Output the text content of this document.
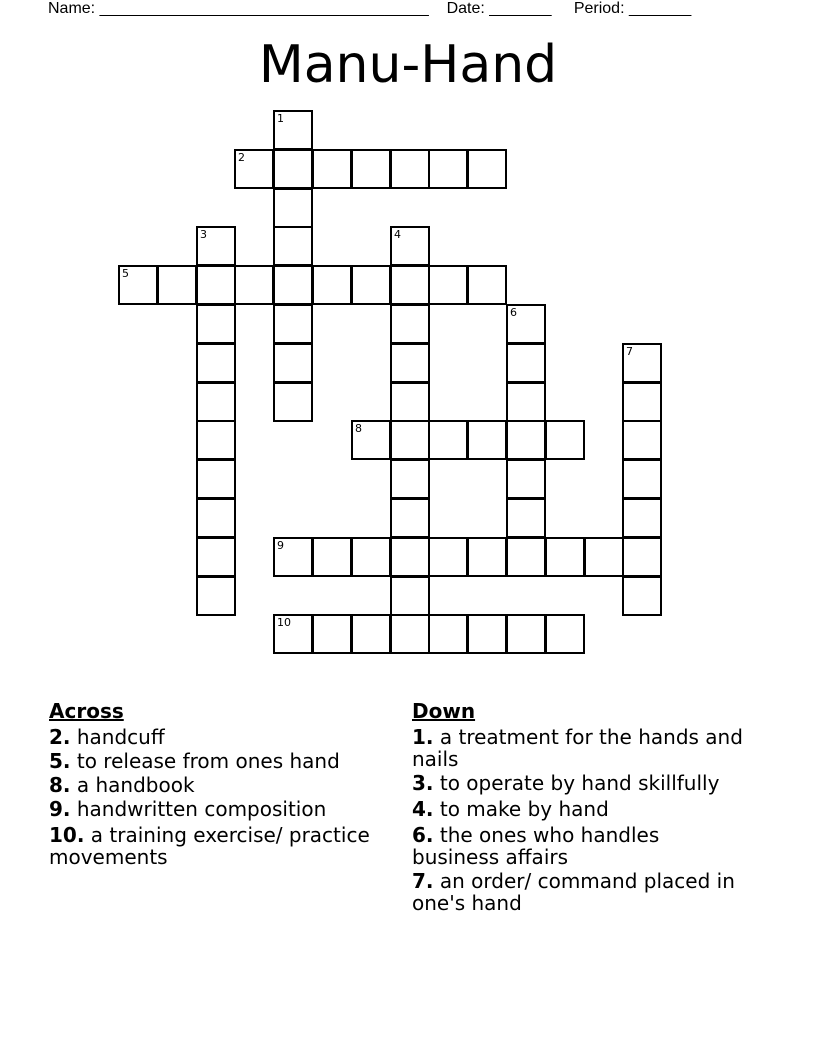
Name: _____________________________________ Date: _______ Period: _______
Manu-Hand
2
5
8
9
10
1
3	4
6
7
Across
2. handcuff
5. to release from ones hand
8. a handbook
9. handwritten composition
10. a training exercise/ practice movements
Down
1. a treatment for the hands and nails
3. to operate by hand skillfully
4. to make by hand
6. the ones who handles business affairs
7. an order/ command placed in one's hand
